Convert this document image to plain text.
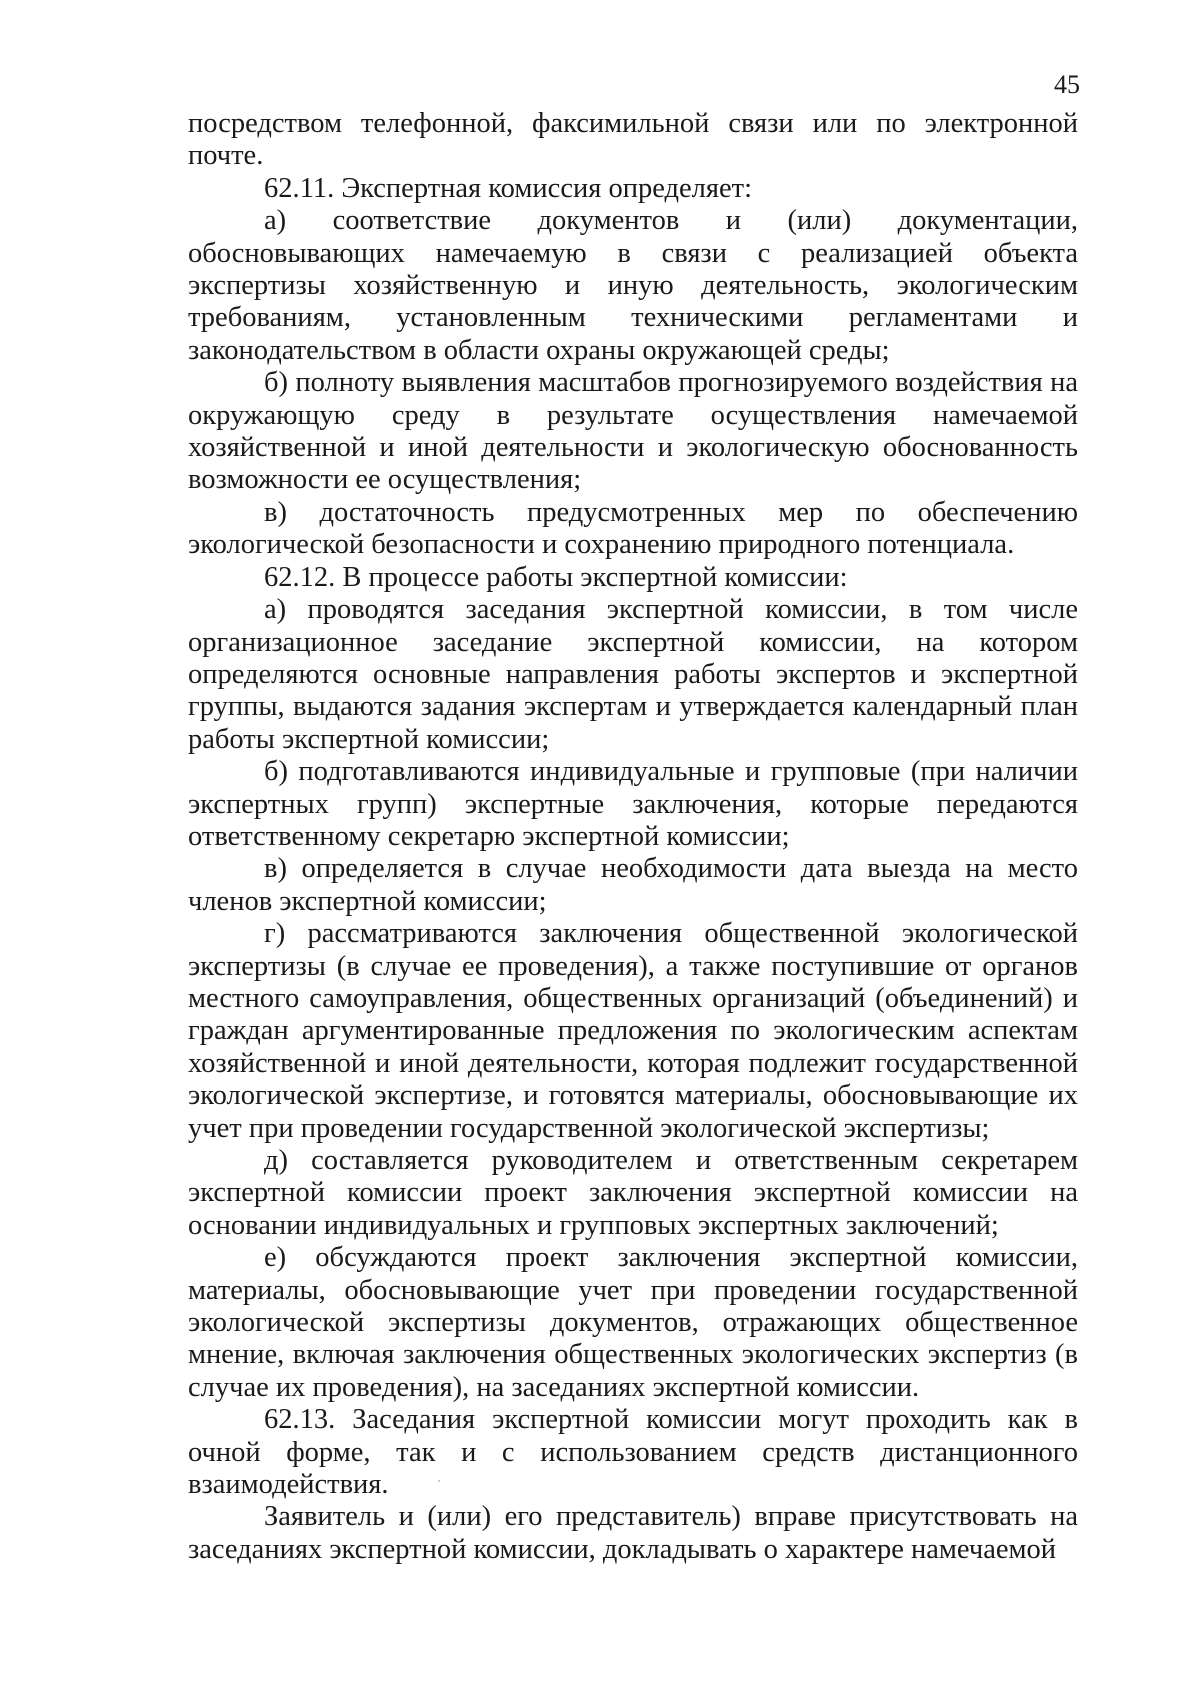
45

посредством телефонной, факсимильной связи или по электронной почте.

62.11. Экспертная комиссия определяет:

а) соответствие документов и (или) документации, обосновывающих намечаемую в связи с реализацией объекта экспертизы хозяйственную и иную деятельность, экологическим требованиям, установленным техническими регламентами и законодательством в области охраны окружающей среды;

б) полноту выявления масштабов прогнозируемого воздействия на окружающую среду в результате осуществления намечаемой хозяйственной и иной деятельности и экологическую обоснованность возможности ее осуществления;

в) достаточность предусмотренных мер по обеспечению экологической безопасности и сохранению природного потенциала.

62.12. В процессе работы экспертной комиссии:

а) проводятся заседания экспертной комиссии, в том числе организационное заседание экспертной комиссии, на котором определяются основные направления работы экспертов и экспертной группы, выдаются задания экспертам и утверждается календарный план работы экспертной комиссии;

б) подготавливаются индивидуальные и групповые (при наличии экспертных групп) экспертные заключения, которые передаются ответственному секретарю экспертной комиссии;

в) определяется в случае необходимости дата выезда на место членов экспертной комиссии;

г) рассматриваются заключения общественной экологической экспертизы (в случае ее проведения), а также поступившие от органов местного самоуправления, общественных организаций (объединений) и граждан аргументированные предложения по экологическим аспектам хозяйственной и иной деятельности, которая подлежит государственной экологической экспертизе, и готовятся материалы, обосновывающие их учет при проведении государственной экологической экспертизы;

д) составляется руководителем и ответственным секретарем экспертной комиссии проект заключения экспертной комиссии на основании индивидуальных и групповых экспертных заключений;

е) обсуждаются проект заключения экспертной комиссии, материалы, обосновывающие учет при проведении государственной экологической экспертизы документов, отражающих общественное мнение, включая заключения общественных экологических экспертиз (в случае их проведения), на заседаниях экспертной комиссии.

62.13. Заседания экспертной комиссии могут проходить как в очной форме, так и с использованием средств дистанционного взаимодействия.

Заявитель и (или) его представитель) вправе присутствовать на заседаниях экспертной комиссии, докладывать о характере намечаемой
